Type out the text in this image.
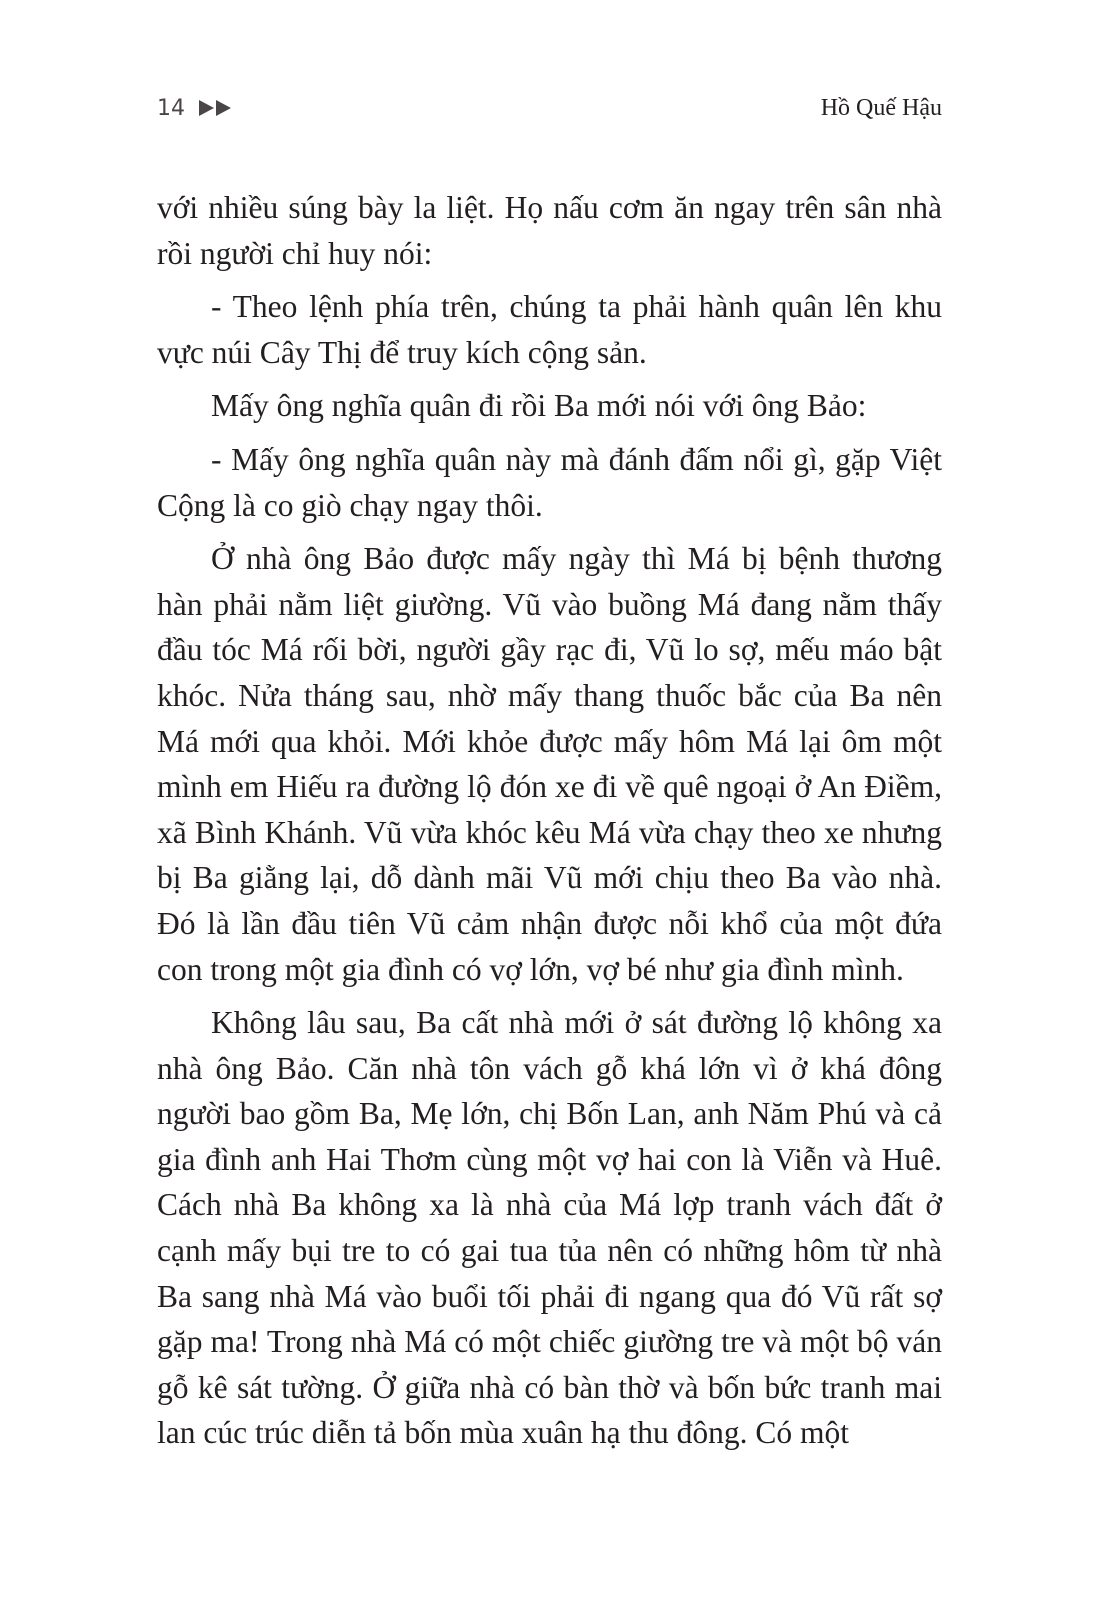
14	Hồ Quế Hậu

với nhiều súng bày la liệt. Họ nấu cơm ăn ngay trên sân nhà rồi người chỉ huy nói:

- Theo lệnh phía trên, chúng ta phải hành quân lên khu vực núi Cây Thị để truy kích cộng sản.

Mấy ông nghĩa quân đi rồi Ba mới nói với ông Bảo:

- Mấy ông nghĩa quân này mà đánh đấm nổi gì, gặp Việt Cộng là co giò chạy ngay thôi.

Ở nhà ông Bảo được mấy ngày thì Má bị bệnh thương hàn phải nằm liệt giường. Vũ vào buồng Má đang nằm thấy đầu tóc Má rối bời, người gầy rạc đi, Vũ lo sợ, mếu máo bật khóc. Nửa tháng sau, nhờ mấy thang thuốc bắc của Ba nên Má mới qua khỏi. Mới khỏe được mấy hôm Má lại ôm một mình em Hiếu ra đường lộ đón xe đi về quê ngoại ở An Điềm, xã Bình Khánh. Vũ vừa khóc kêu Má vừa chạy theo xe nhưng bị Ba giằng lại, dỗ dành mãi Vũ mới chịu theo Ba vào nhà. Đó là lần đầu tiên Vũ cảm nhận được nỗi khổ của một đứa con trong một gia đình có vợ lớn, vợ bé như gia đình mình.

Không lâu sau, Ba cất nhà mới ở sát đường lộ không xa nhà ông Bảo. Căn nhà tôn vách gỗ khá lớn vì ở khá đông người bao gồm Ba, Mẹ lớn, chị Bốn Lan, anh Năm Phú và cả gia đình anh Hai Thơm cùng một vợ hai con là Viễn và Huê. Cách nhà Ba không xa là nhà của Má lợp tranh vách đất ở cạnh mấy bụi tre to có gai tua tủa nên có những hôm từ nhà Ba sang nhà Má vào buổi tối phải đi ngang qua đó Vũ rất sợ gặp ma! Trong nhà Má có một chiếc giường tre và một bộ ván gỗ kê sát tường. Ở giữa nhà có bàn thờ và bốn bức tranh mai lan cúc trúc diễn tả bốn mùa xuân hạ thu đông. Có một
